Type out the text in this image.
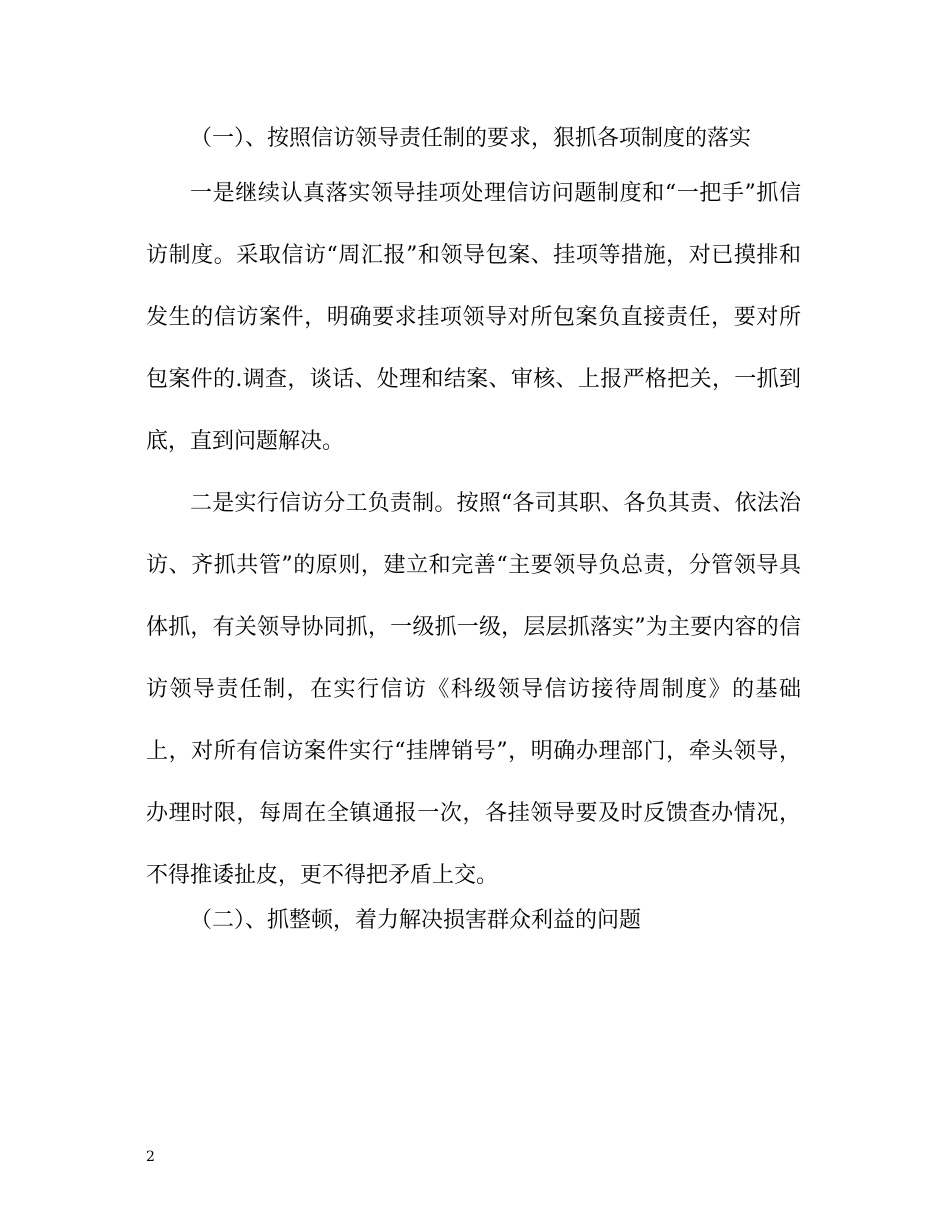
（一）、按照信访领导责任制的要求，狠抓各项制度的落实

一是继续认真落实领导挂项处理信访问题制度和“一把手”抓信访制度。采取信访“周汇报”和领导包案、挂项等措施，对已摸排和发生的信访案件，明确要求挂项领导对所包案负直接责任，要对所包案件的.调查，谈话、处理和结案、审核、上报严格把关，一抓到底，直到问题解决。

二是实行信访分工负责制。按照“各司其职、各负其责、依法治访、齐抓共管”的原则，建立和完善“主要领导负总责，分管领导具体抓，有关领导协同抓，一级抓一级，层层抓落实”为主要内容的信访领导责任制，在实行信访《科级领导信访接待周制度》的基础上，对所有信访案件实行“挂牌销号”，明确办理部门，牵头领导，办理时限，每周在全镇通报一次，各挂领导要及时反馈查办情况，不得推诿扯皮，更不得把矛盾上交。

（二）、抓整顿，着力解决损害群众利益的问题

2
